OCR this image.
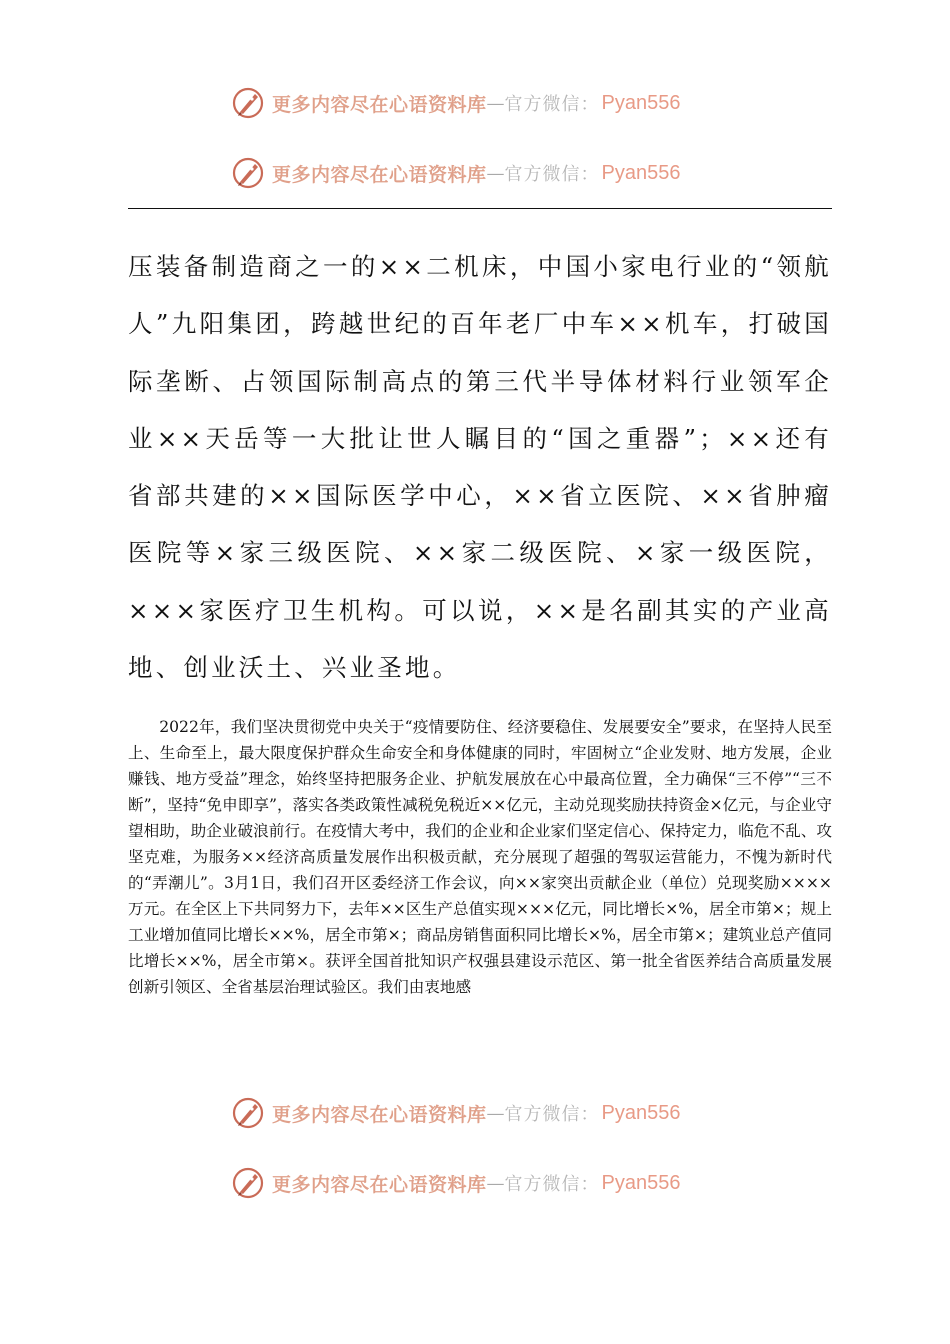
更多内容尽在心语资料库 — 官方微信： Pyan556
更多内容尽在心语资料库 — 官方微信： Pyan556

压装备制造商之一的××二机床，中国小家电行业的“领航人”九阳集团，跨越世纪的百年老厂中车××机车，打破国际垄断、占领国际制高点的第三代半导体材料行业领军企业××天岳等一大批让世人瞩目的“国之重器”；××还有省部共建的××国际医学中心，××省立医院、××省肿瘤医院等×家三级医院、××家二级医院、×家一级医院，×××家医疗卫生机构。可以说，××是名副其实的产业高地、创业沃土、兴业圣地。

2022年，我们坚决贯彻党中央关于“疫情要防住、经济要稳住、发展要安全”要求，在坚持人民至上、生命至上，最大限度保护群众生命安全和身体健康的同时，牢固树立“企业发财、地方发展，企业赚钱、地方受益”理念，始终坚持把服务企业、护航发展放在心中最高位置，全力确保“三不停”“三不断”，坚持“免申即享”，落实各类政策性减税免税近××亿元，主动兑现奖励扶持资金×亿元，与企业守望相助，助企业破浪前行。在疫情大考中，我们的企业和企业家们坚定信心、保持定力，临危不乱、攻坚克难，为服务××经济高质量发展作出积极贡献，充分展现了超强的驾驭运营能力，不愧为新时代的“弄潮儿”。3月1日，我们召开区委经济工作会议，向××家突出贡献企业（单位）兑现奖励××××万元。在全区上下共同努力下，去年××区生产总值实现×××亿元，同比增长×%，居全市第×；规上工业增加值同比增长××%，居全市第×；商品房销售面积同比增长×%，居全市第×；建筑业总产值同比增长××%，居全市第×。获评全国首批知识产权强县建设示范区、第一批全省医养结合高质量发展创新引领区、全省基层治理试验区。我们由衷地感

更多内容尽在心语资料库 — 官方微信： Pyan556
更多内容尽在心语资料库 — 官方微信： Pyan556
